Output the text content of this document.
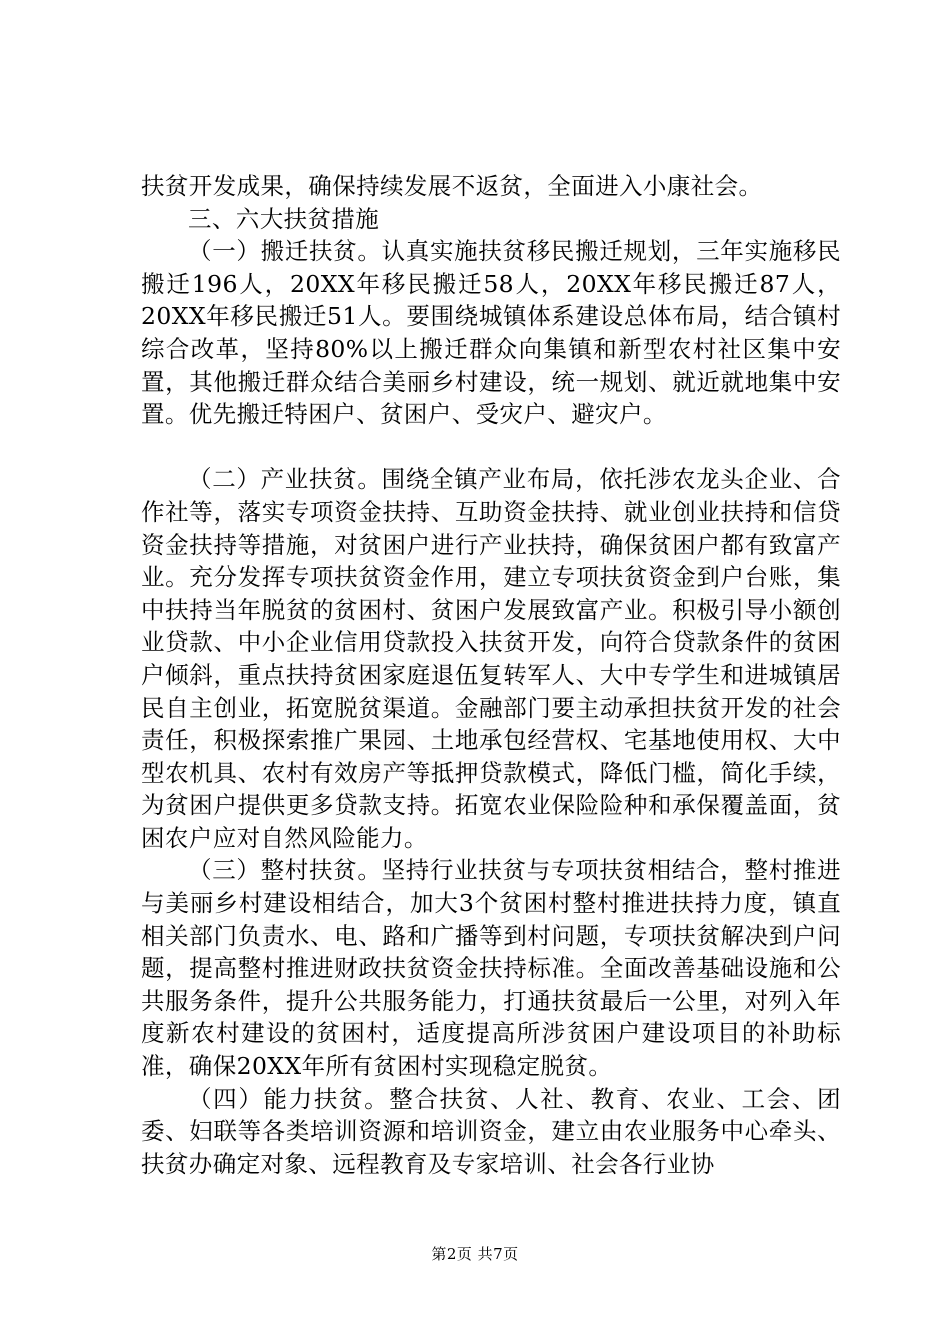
扶贫开发成果，确保持续发展不返贫，全面进入小康社会。

三、六大扶贫措施

（一）搬迁扶贫。认真实施扶贫移民搬迁规划，三年实施移民搬迁196人，20XX年移民搬迁58人，20XX年移民搬迁87人，20XX年移民搬迁51人。要围绕城镇体系建设总体布局，结合镇村综合改革，坚持80%以上搬迁群众向集镇和新型农村社区集中安置，其他搬迁群众结合美丽乡村建设，统一规划、就近就地集中安置。优先搬迁特困户、贫困户、受灾户、避灾户。

（二）产业扶贫。围绕全镇产业布局，依托涉农龙头企业、合作社等，落实专项资金扶持、互助资金扶持、就业创业扶持和信贷资金扶持等措施，对贫困户进行产业扶持，确保贫困户都有致富产业。充分发挥专项扶贫资金作用，建立专项扶贫资金到户台账，集中扶持当年脱贫的贫困村、贫困户发展致富产业。积极引导小额创业贷款、中小企业信用贷款投入扶贫开发，向符合贷款条件的贫困户倾斜，重点扶持贫困家庭退伍复转军人、大中专学生和进城镇居民自主创业，拓宽脱贫渠道。金融部门要主动承担扶贫开发的社会责任，积极探索推广果园、土地承包经营权、宅基地使用权、大中型农机具、农村有效房产等抵押贷款模式，降低门槛，简化手续，为贫困户提供更多贷款支持。拓宽农业保险险种和承保覆盖面，贫困农户应对自然风险能力。

（三）整村扶贫。坚持行业扶贫与专项扶贫相结合，整村推进与美丽乡村建设相结合，加大3个贫困村整村推进扶持力度，镇直相关部门负责水、电、路和广播等到村问题，专项扶贫解决到户问题，提高整村推进财政扶贫资金扶持标准。全面改善基础设施和公共服务条件，提升公共服务能力，打通扶贫最后一公里，对列入年度新农村建设的贫困村，适度提高所涉贫困户建设项目的补助标准，确保20XX年所有贫困村实现稳定脱贫。

（四）能力扶贫。整合扶贫、人社、教育、农业、工会、团委、妇联等各类培训资源和培训资金，建立由农业服务中心牵头、扶贫办确定对象、远程教育及专家培训、社会各行业协

第2页 共7页
